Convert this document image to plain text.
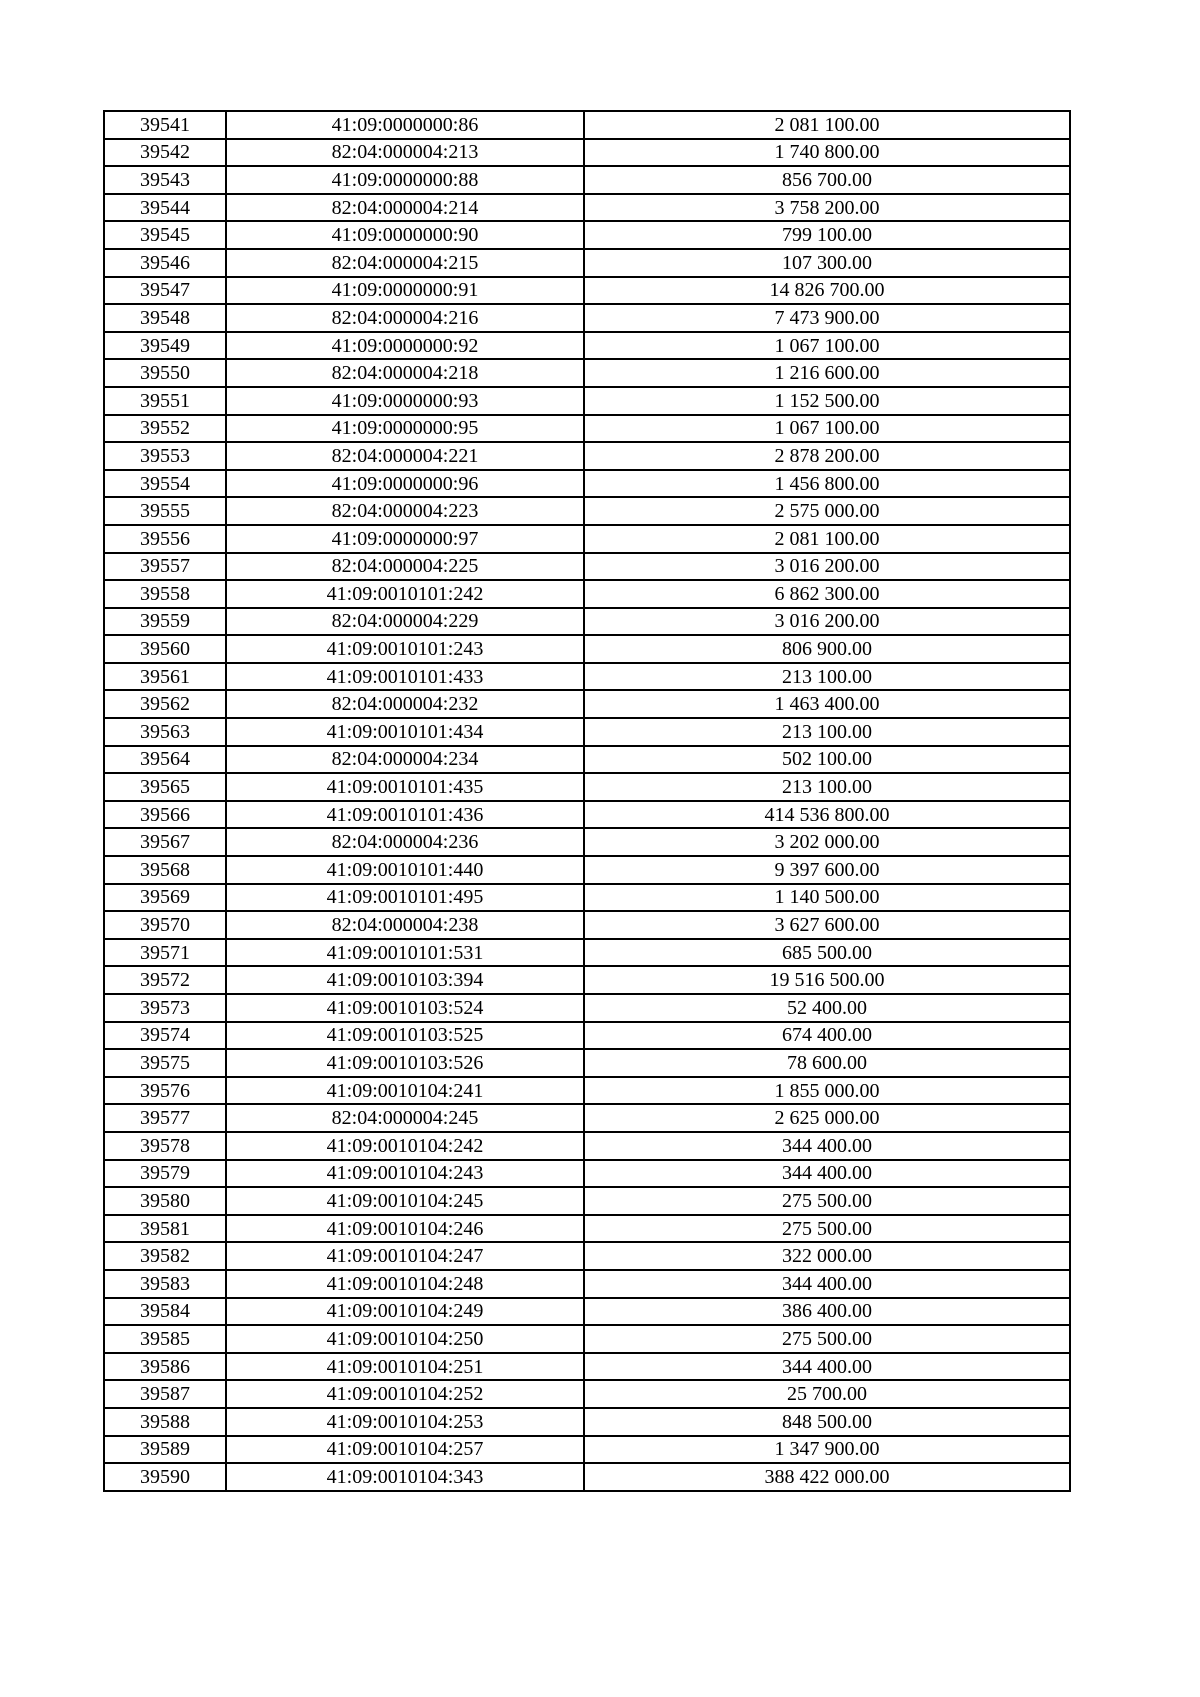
39541	41:09:0000000:86	2 081 100.00
39542	82:04:000004:213	1 740 800.00
39543	41:09:0000000:88	856 700.00
39544	82:04:000004:214	3 758 200.00
39545	41:09:0000000:90	799 100.00
39546	82:04:000004:215	107 300.00
39547	41:09:0000000:91	14 826 700.00
39548	82:04:000004:216	7 473 900.00
39549	41:09:0000000:92	1 067 100.00
39550	82:04:000004:218	1 216 600.00
39551	41:09:0000000:93	1 152 500.00
39552	41:09:0000000:95	1 067 100.00
39553	82:04:000004:221	2 878 200.00
39554	41:09:0000000:96	1 456 800.00
39555	82:04:000004:223	2 575 000.00
39556	41:09:0000000:97	2 081 100.00
39557	82:04:000004:225	3 016 200.00
39558	41:09:0010101:242	6 862 300.00
39559	82:04:000004:229	3 016 200.00
39560	41:09:0010101:243	806 900.00
39561	41:09:0010101:433	213 100.00
39562	82:04:000004:232	1 463 400.00
39563	41:09:0010101:434	213 100.00
39564	82:04:000004:234	502 100.00
39565	41:09:0010101:435	213 100.00
39566	41:09:0010101:436	414 536 800.00
39567	82:04:000004:236	3 202 000.00
39568	41:09:0010101:440	9 397 600.00
39569	41:09:0010101:495	1 140 500.00
39570	82:04:000004:238	3 627 600.00
39571	41:09:0010101:531	685 500.00
39572	41:09:0010103:394	19 516 500.00
39573	41:09:0010103:524	52 400.00
39574	41:09:0010103:525	674 400.00
39575	41:09:0010103:526	78 600.00
39576	41:09:0010104:241	1 855 000.00
39577	82:04:000004:245	2 625 000.00
39578	41:09:0010104:242	344 400.00
39579	41:09:0010104:243	344 400.00
39580	41:09:0010104:245	275 500.00
39581	41:09:0010104:246	275 500.00
39582	41:09:0010104:247	322 000.00
39583	41:09:0010104:248	344 400.00
39584	41:09:0010104:249	386 400.00
39585	41:09:0010104:250	275 500.00
39586	41:09:0010104:251	344 400.00
39587	41:09:0010104:252	25 700.00
39588	41:09:0010104:253	848 500.00
39589	41:09:0010104:257	1 347 900.00
39590	41:09:0010104:343	388 422 000.00
